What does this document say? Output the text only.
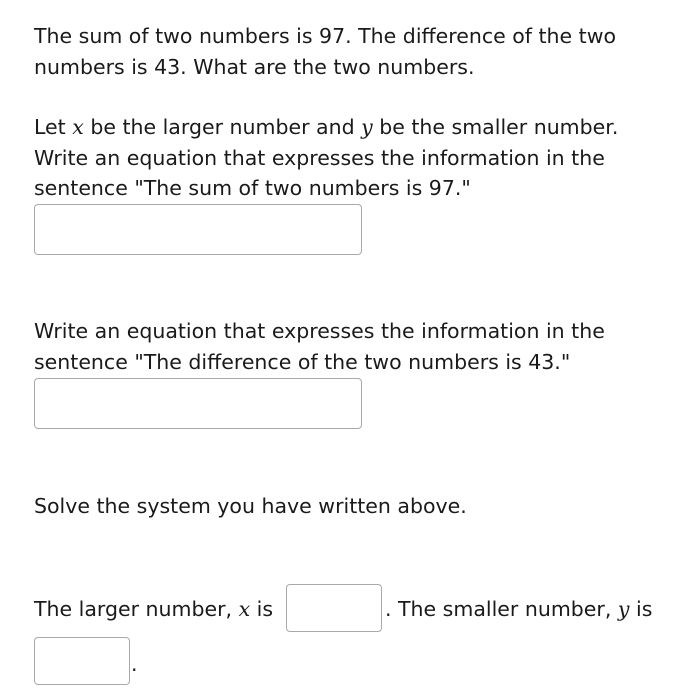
The sum of two numbers is 97. The difference of the two
numbers is 43. What are the two numbers.
Let x be the larger number and y be the smaller number.
Write an equation that expresses the information in the
sentence "The sum of two numbers is 97."
Write an equation that expresses the information in the
sentence "The difference of the two numbers is 43."
Solve the system you have written above.
The larger number, x is	. The smaller number, y is
.
